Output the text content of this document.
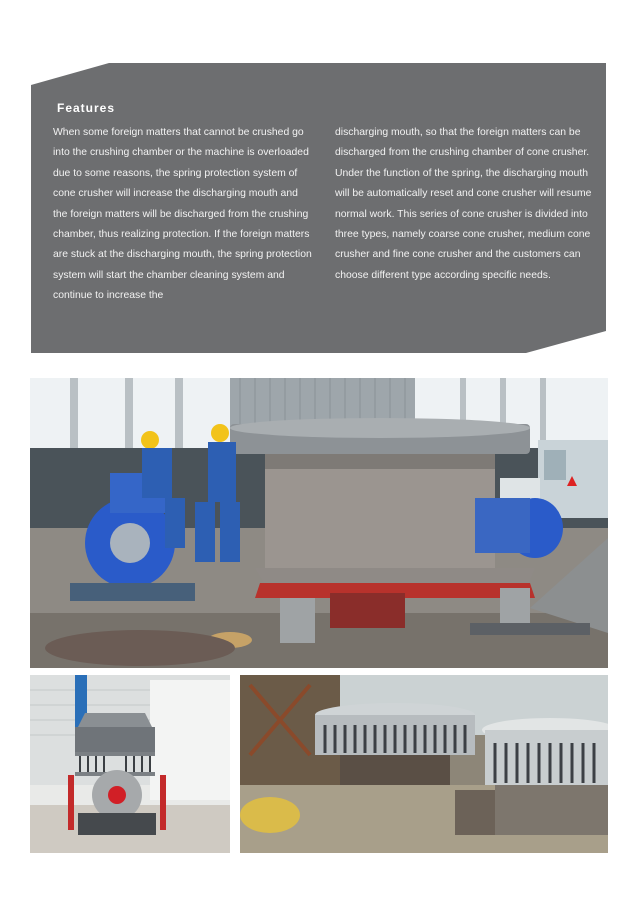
Features

When some foreign matters that cannot be crushed go into the crushing chamber or the machine is overloaded due to some reasons, the spring protection system of cone crusher will increase the discharging mouth and the foreign matters will be discharged from the crushing chamber, thus realizing protection. If the foreign matters are stuck at the discharging mouth, the spring protection system will start the chamber cleaning system and continue to increase the

discharging mouth, so that the foreign matters can be discharged from the crushing chamber of cone crusher. Under the function of the spring, the discharging mouth will be automatically reset and cone crusher will resume normal work. This series of cone crusher is divided into three types, namely coarse cone crusher, medium cone crusher and fine cone crusher and the customers can choose different type according specific needs.
